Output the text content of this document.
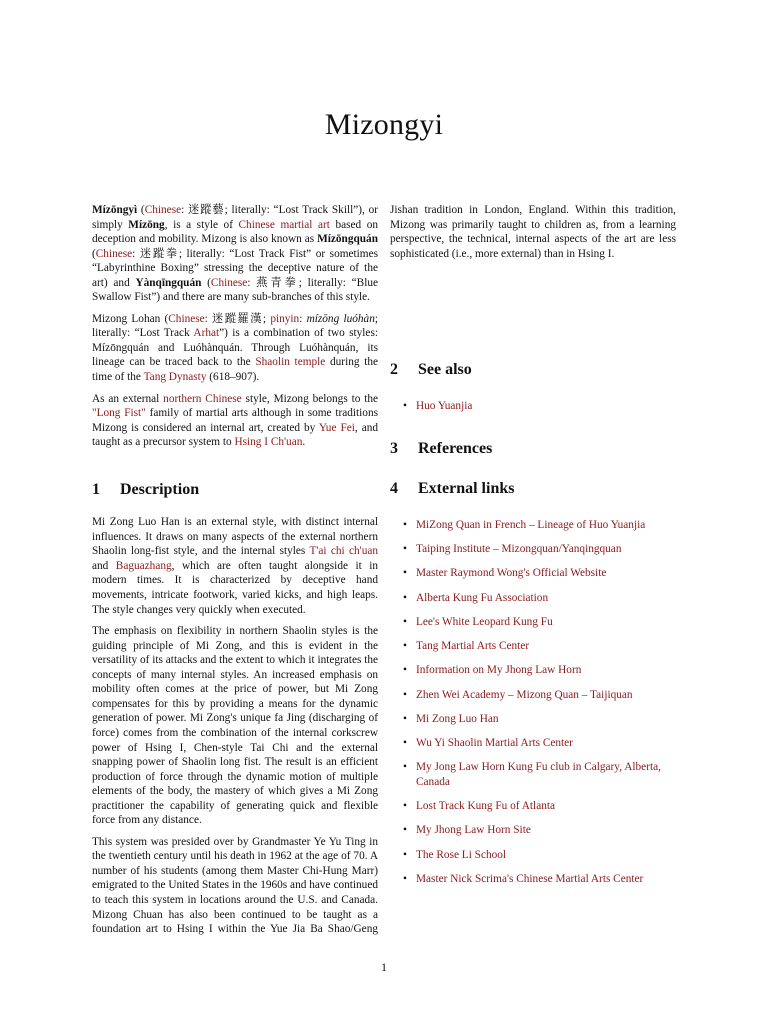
Mizongyi

Mízōngyì (Chinese: 迷蹤藝; literally: “Lost Track Skill”), or simply Mízōng, is a style of Chinese martial art based on deception and mobility. Mizong is also known as Mízōngquán (Chinese: 迷蹤拳; literally: “Lost Track Fist” or sometimes “Labyrinthine Boxing” stressing the deceptive nature of the art) and Yànqīngquán (Chinese: 燕青拳; literally: “Blue Swallow Fist”) and there are many sub-branches of this style.

Mizong Lohan (Chinese: 迷蹤羅漢; pinyin: mízōng luóhàn; literally: “Lost Track Arhat”) is a combination of two styles: Mízōngquán and Luóhànquán. Through Luóhànquán, its lineage can be traced back to the Shaolin temple during the time of the Tang Dynasty (618–907).

As an external northern Chinese style, Mizong belongs to the "Long Fist" family of martial arts although in some traditions Mizong is considered an internal art, created by Yue Fei, and taught as a precursor system to Hsing I Ch'uan.

1	Description

Mi Zong Luo Han is an external style, with distinct internal influences. It draws on many aspects of the external northern Shaolin long-fist style, and the internal styles T'ai chi ch'uan and Baguazhang, which are often taught alongside it in modern times. It is characterized by deceptive hand movements, intricate footwork, varied kicks, and high leaps. The style changes very quickly when executed.

The emphasis on flexibility in northern Shaolin styles is the guiding principle of Mi Zong, and this is evident in the versatility of its attacks and the extent to which it integrates the concepts of many internal styles. An increased emphasis on mobility often comes at the price of power, but Mi Zong compensates for this by providing a means for the dynamic generation of power. Mi Zong's unique fa Jing (discharging of force) comes from the combination of the internal corkscrew power of Hsing I, Chen-style Tai Chi and the external snapping power of Shaolin long fist. The result is an efficient production of force through the dynamic motion of multiple elements of the body, the mastery of which gives a Mi Zong practitioner the capability of generating quick and flexible force from any distance.

This system was presided over by Grandmaster Ye Yu Ting in the twentieth century until his death in 1962 at the age of 70. A number of his students (among them Master Chi-Hung Marr) emigrated to the United States in the 1960s and have continued to teach this system in locations around the U.S. and Canada. Mizong Chuan has also been continued to be taught as a foundation art to Hsing I within the Yue Jia Ba Shao/Geng

Jishan tradition in London, England. Within this tradition, Mizong was primarily taught to children as, from a learning perspective, the technical, internal aspects of the art are less sophisticated (i.e., more external) than in Hsing I.

2	See also
• Huo Yuanjia
3	References
4	External links
• MiZong Quan in French – Lineage of Huo Yuanjia
• Taiping Institute – Mizongquan/Yanqingquan
• Master Raymond Wong's Official Website
• Alberta Kung Fu Association
• Lee's White Leopard Kung Fu
• Tang Martial Arts Center
• Information on My Jhong Law Horn
• Zhen Wei Academy – Mizong Quan – Taijiquan
• Mi Zong Luo Han
• Wu Yi Shaolin Martial Arts Center
• My Jong Law Horn Kung Fu club in Calgary, Alberta, Canada
• Lost Track Kung Fu of Atlanta
• My Jhong Law Horn Site
• The Rose Li School
• Master Nick Scrima's Chinese Martial Arts Center
1
